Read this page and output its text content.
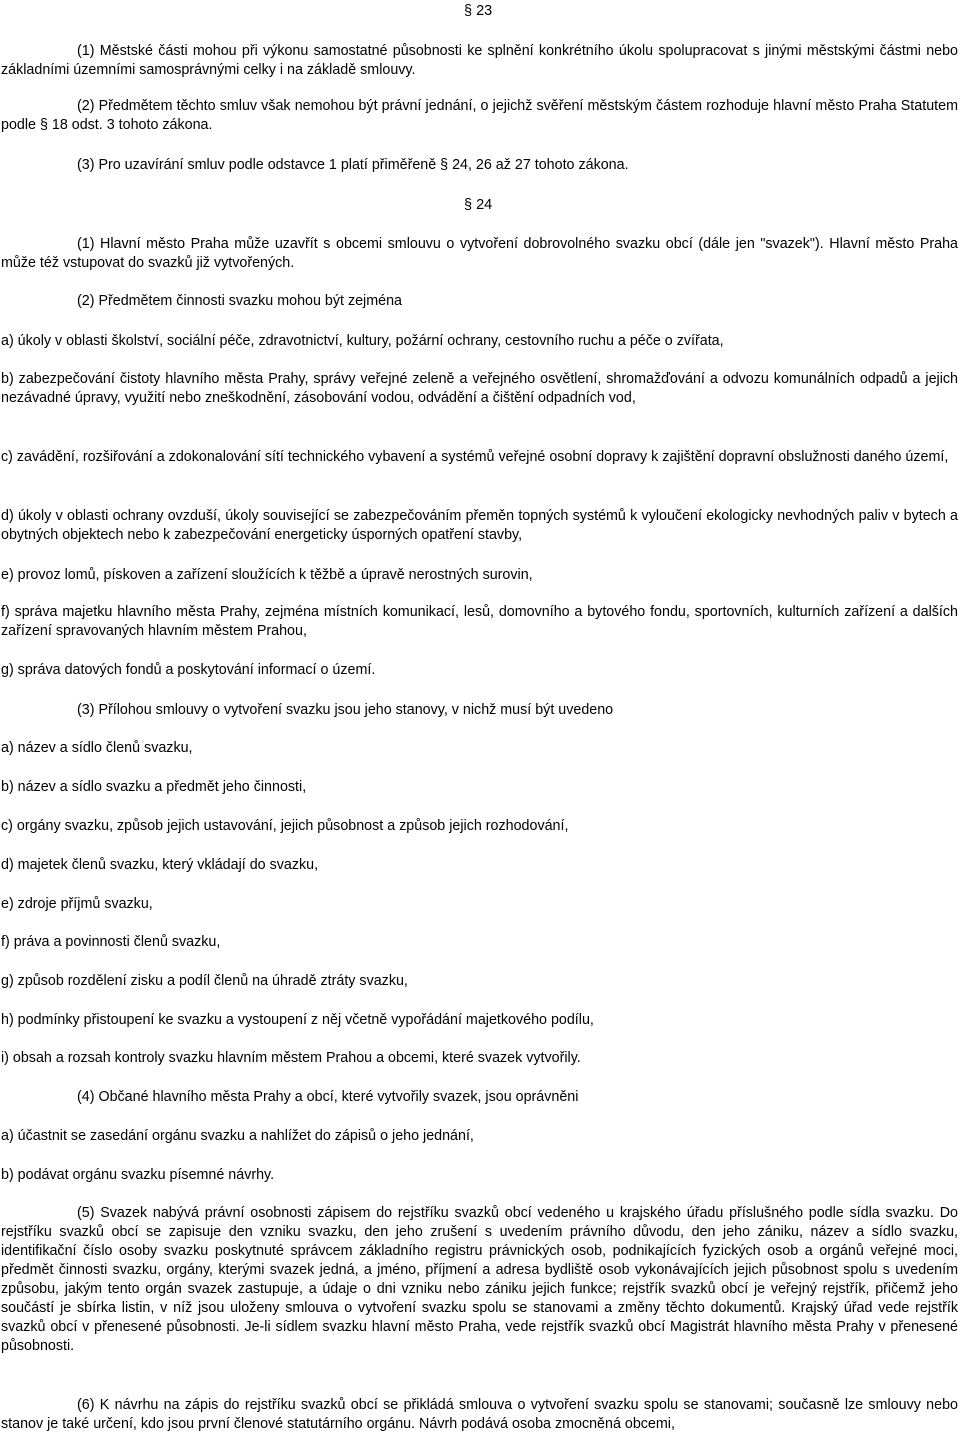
§ 23

(1) Městské části mohou při výkonu samostatné působnosti ke splnění konkrétního úkolu spolupracovat s jinými městskými částmi nebo základními územními samosprávnými celky i na základě smlouvy.

(2) Předmětem těchto smluv však nemohou být právní jednání, o jejichž svěření městským částem rozhoduje hlavní město Praha Statutem podle § 18 odst. 3 tohoto zákona.

(3) Pro uzavírání smluv podle odstavce 1 platí přiměřeně § 24, 26 až 27 tohoto zákona.

§ 24

(1) Hlavní město Praha může uzavřít s obcemi smlouvu o vytvoření dobrovolného svazku obcí (dále jen "svazek"). Hlavní město Praha může též vstupovat do svazků již vytvořených.

(2) Předmětem činnosti svazku mohou být zejména

a) úkoly v oblasti školství, sociální péče, zdravotnictví, kultury, požární ochrany, cestovního ruchu a péče o zvířata,

b) zabezpečování čistoty hlavního města Prahy, správy veřejné zeleně a veřejného osvětlení, shromažďování a odvozu komunálních odpadů a jejich nezávadné úpravy, využití nebo zneškodnění, zásobování vodou, odvádění a čištění odpadních vod,

c) zavádění, rozšiřování a zdokonalování sítí technického vybavení a systémů veřejné osobní dopravy k zajištění dopravní obslužnosti daného území,

d) úkoly v oblasti ochrany ovzduší, úkoly související se zabezpečováním přeměn topných systémů k vyloučení ekologicky nevhodných paliv v bytech a obytných objektech nebo k zabezpečování energeticky úsporných opatření stavby,

e) provoz lomů, pískoven a zařízení sloužících k těžbě a úpravě nerostných surovin,

f) správa majetku hlavního města Prahy, zejména místních komunikací, lesů, domovního a bytového fondu, sportovních, kulturních zařízení a dalších zařízení spravovaných hlavním městem Prahou,

g) správa datových fondů a poskytování informací o území.

(3) Přílohou smlouvy o vytvoření svazku jsou jeho stanovy, v nichž musí být uvedeno

a) název a sídlo členů svazku,

b) název a sídlo svazku a předmět jeho činnosti,

c) orgány svazku, způsob jejich ustavování, jejich působnost a způsob jejich rozhodování,

d) majetek členů svazku, který vkládají do svazku,

e) zdroje příjmů svazku,

f) práva a povinnosti členů svazku,

g) způsob rozdělení zisku a podíl členů na úhradě ztráty svazku,

h) podmínky přistoupení ke svazku a vystoupení z něj včetně vypořádání majetkového podílu,

i) obsah a rozsah kontroly svazku hlavním městem Prahou a obcemi, které svazek vytvořily.

(4) Občané hlavního města Prahy a obcí, které vytvořily svazek, jsou oprávněni

a) účastnit se zasedání orgánu svazku a nahlížet do zápisů o jeho jednání,

b) podávat orgánu svazku písemné návrhy.

(5) Svazek nabývá právní osobnosti zápisem do rejstříku svazků obcí vedeného u krajského úřadu příslušného podle sídla svazku. Do rejstříku svazků obcí se zapisuje den vzniku svazku, den jeho zrušení s uvedením právního důvodu, den jeho zániku, název a sídlo svazku, identifikační číslo osoby svazku poskytnuté správcem základního registru právnických osob, podnikajících fyzických osob a orgánů veřejné moci, předmět činnosti svazku, orgány, kterými svazek jedná, a jméno, příjmení a adresa bydliště osob vykonávajících jejich působnost spolu s uvedením způsobu, jakým tento orgán svazek zastupuje, a údaje o dni vzniku nebo zániku jejich funkce; rejstřík svazků obcí je veřejný rejstřík, přičemž jeho součástí je sbírka listin, v níž jsou uloženy smlouva o vytvoření svazku spolu se stanovami a změny těchto dokumentů. Krajský úřad vede rejstřík svazků obcí v přenesené působnosti. Je-li sídlem svazku hlavní město Praha, vede rejstřík svazků obcí Magistrát hlavního města Prahy v přenesené působnosti.

(6) K návrhu na zápis do rejstříku svazků obcí se přikládá smlouva o vytvoření svazku spolu se stanovami; současně lze smlouvy nebo stanov je také určení, kdo jsou první členové statutárního orgánu. Návrh podává osoba zmocněná obcemi,
